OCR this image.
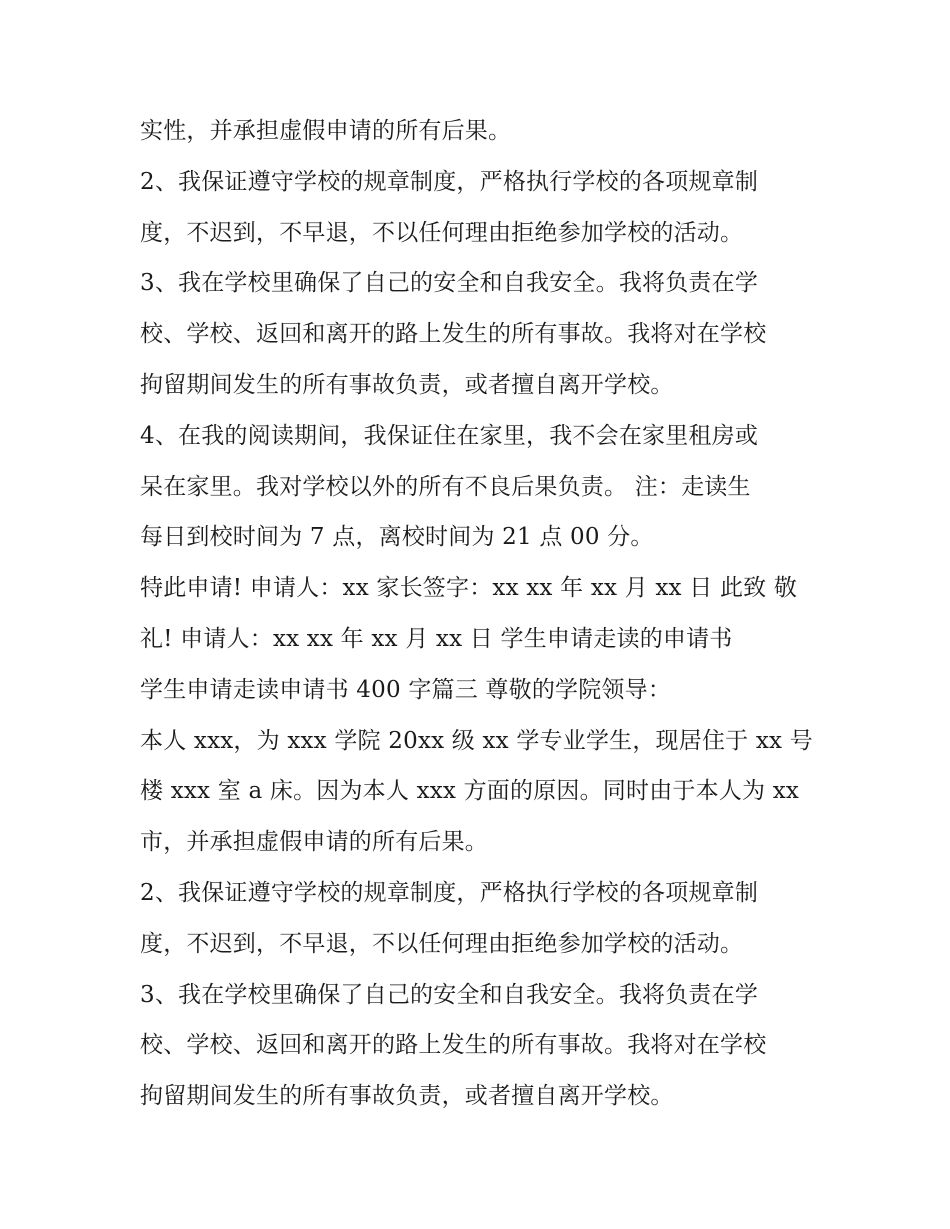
实性，并承担虚假申请的所有后果。
2、我保证遵守学校的规章制度，严格执行学校的各项规章制
度，不迟到，不早退，不以任何理由拒绝参加学校的活动。
3、我在学校里确保了自己的安全和自我安全。我将负责在学
校、学校、返回和离开的路上发生的所有事故。我将对在学校
拘留期间发生的所有事故负责，或者擅自离开学校。
4、在我的阅读期间，我保证住在家里，我不会在家里租房或
呆在家里。我对学校以外的所有不良后果负责。 注：走读生
每日到校时间为 7 点，离校时间为 21 点 00 分。
特此申请! 申请人：xx 家长签字：xx xx 年 xx 月 xx 日 此致 敬
礼! 申请人：xx xx 年 xx 月 xx 日 学生申请走读的申请书
学生申请走读申请书 400 字篇三 尊敬的学院领导：
本人 xxx，为 xxx 学院 20xx 级 xx 学专业学生，现居住于 xx 号
楼 xxx 室 a 床。因为本人 xxx 方面的原因。同时由于本人为 xx
市，并承担虚假申请的所有后果。
2、我保证遵守学校的规章制度，严格执行学校的各项规章制
度，不迟到，不早退，不以任何理由拒绝参加学校的活动。
3、我在学校里确保了自己的安全和自我安全。我将负责在学
校、学校、返回和离开的路上发生的所有事故。我将对在学校
拘留期间发生的所有事故负责，或者擅自离开学校。
